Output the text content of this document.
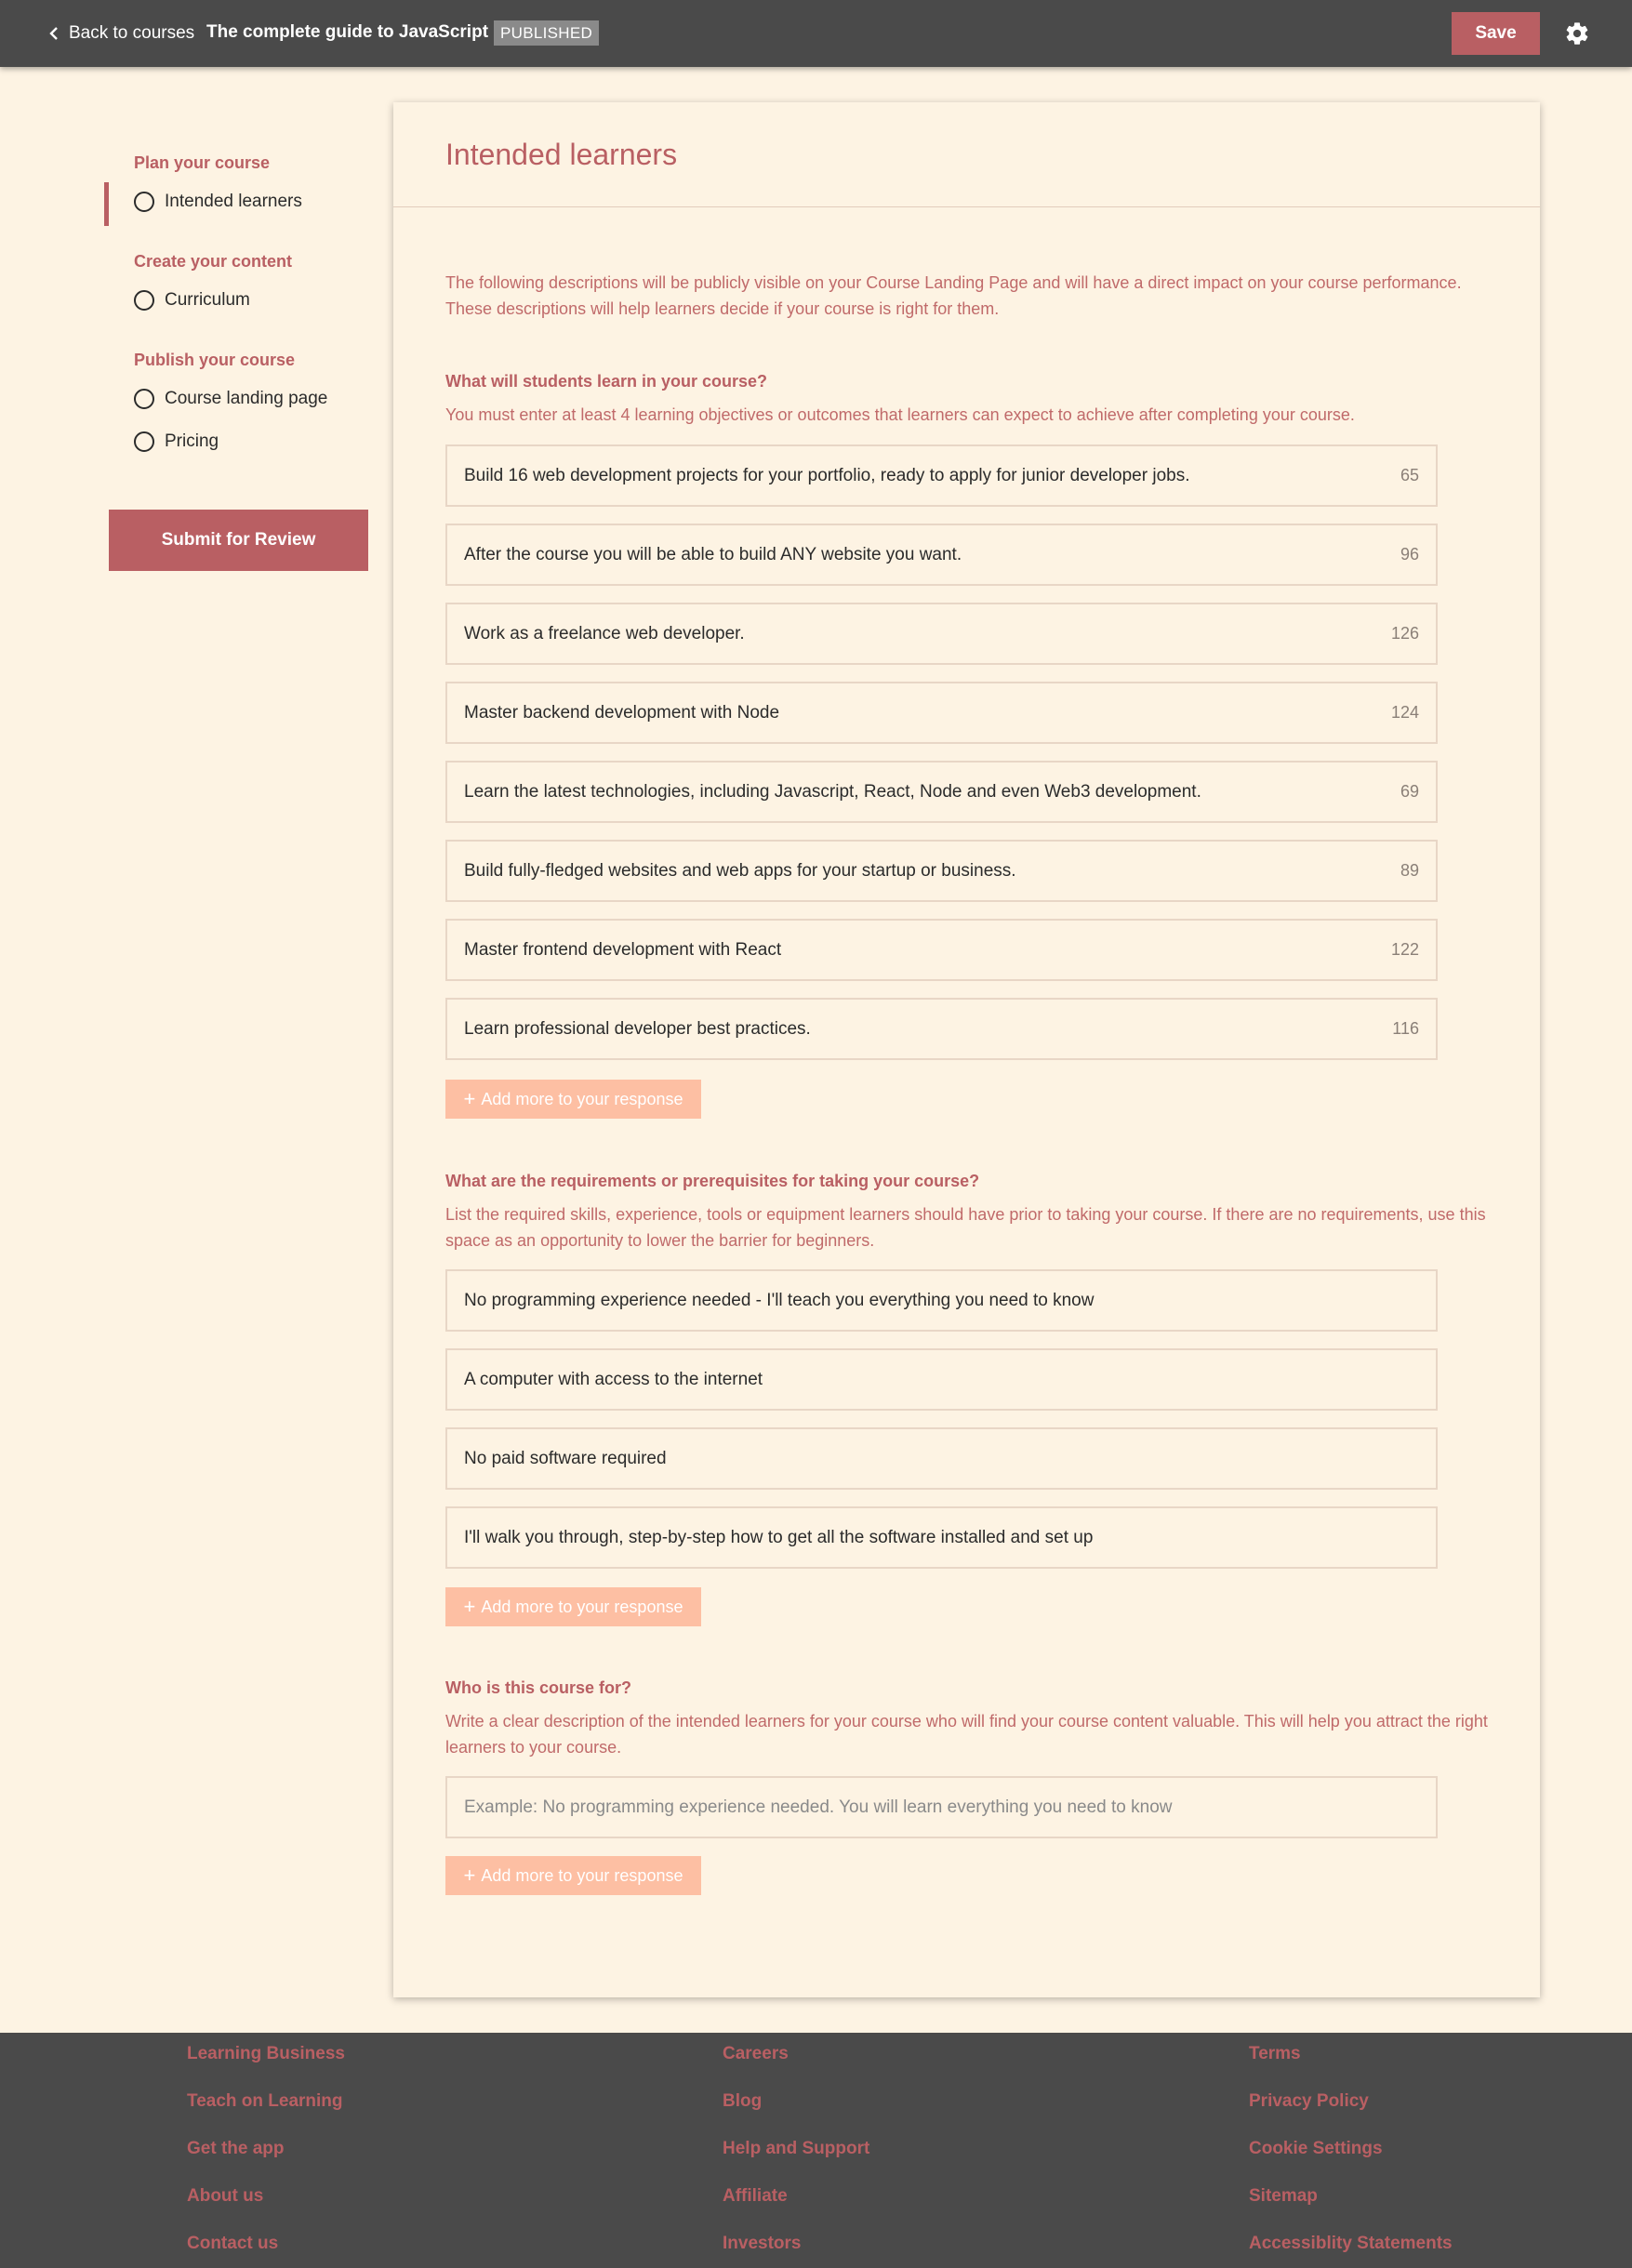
Back to courses The complete guide to JavaScript PUBLISHED	Save
Plan your course
Intended learners
Create your content
Curriculum
Publish your course
Course landing page
Pricing
Submit for Review
Intended learners

The following descriptions will be publicly visible on your Course Landing Page and will have a direct impact on your course performance. These descriptions will help learners decide if your course is right for them.

What will students learn in your course?

You must enter at least 4 learning objectives or outcomes that learners can expect to achieve after completing your course.

Build 16 web development projects for your portfolio, ready to apply for junior developer jobs.	65
After the course you will be able to build ANY website you want.	96
Work as a freelance web developer.	126
Master backend development with Node	124
Learn the latest technologies, including Javascript, React, Node and even Web3 development.	69
Build fully-fledged websites and web apps for your startup or business.	89
Master frontend development with React	122
Learn professional developer best practices.	116
+ Add more to your response
What are the requirements or prerequisites for taking your course?

List the required skills, experience, tools or equipment learners should have prior to taking your course. If there are no requirements, use this space as an opportunity to lower the barrier for beginners.

No programming experience needed - I'll teach you everything you need to know
A computer with access to the internet
No paid software required
I'll walk you through, step-by-step how to get all the software installed and set up
+ Add more to your response
Who is this course for?

Write a clear description of the intended learners for your course who will find your course content valuable. This will help you attract the right learners to your course.

Example: No programming experience needed. You will learn everything you need to know
+ Add more to your response
Learning Business
Teach on Learning
Get the app
About us
Contact us
Careers
Blog
Help and Support
Affiliate
Investors
Terms
Privacy Policy
Cookie Settings
Sitemap
Accessiblity Statements
